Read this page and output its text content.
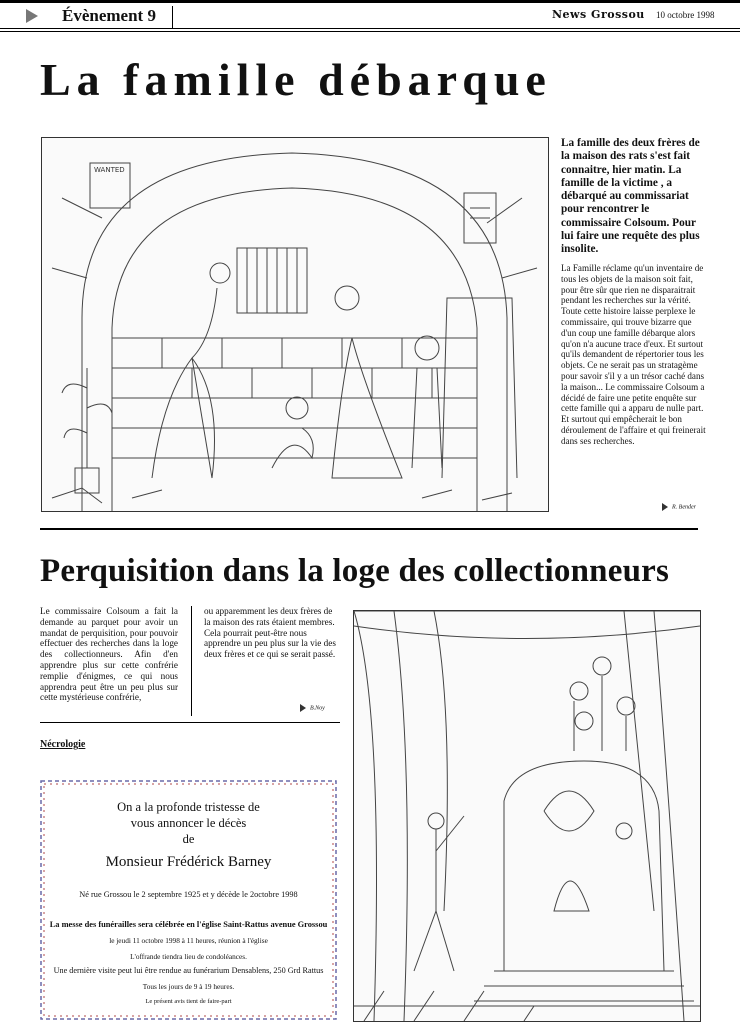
Évènement 9	News Grossou 10 octobre 1998
La famille débarque
WANTED
La famille des deux frères de la maison des rats s'est fait connaitre, hier matin. La famille de la victime , a débarqué au commissariat pour rencontrer le commissaire Colsoum. Pour lui faire une requête des plus insolite.
La Famille réclame qu'un inventaire de tous les objets de la maison soit fait, pour être sûr que rien ne disparaitrait pendant les recherches sur la vérité. Toute cette histoire laisse perplexe le commissaire, qui trouve bizarre que d'un coup une famille débarque alors qu'on n'a aucune trace d'eux. Et surtout qu'ils demandent de répertorier tous les objets. Ce ne serait pas un stratagème pour savoir s'il y a un trésor caché dans la maison... Le commissaire Colsoum a décidé de faire une petite enquête sur cette famille qui a apparu de nulle part. Et surtout qui empêcherait le bon déroulement de l'affaire et qui freinerait dans ses recherches.
R. Bender
Perquisition dans la loge des collectionneurs
Le commissaire Colsoum a fait la demande au parquet pour avoir un mandat de perquisition, pour pouvoir effectuer des recherches dans la loge des collectionneurs. Afin d'en apprendre plus sur cette confrérie remplie d'énigmes, ce qui nous apprendra peut être un peu plus sur cette mystérieuse confrérie,
ou apparemment les deux frères de la maison des rats étaient membres. Cela pourrait peut-être nous apprendre un peu plus sur la vie des deux frères et ce qui se serait passé.
B.Noy
Nécrologie
On a la profonde tristesse de
vous annoncer le décès
de
Monsieur Frédérick Barney
Né rue Grossou le 2 septembre 1925 et y décède le 2octobre 1998
La messe des funérailles sera célébrée en l'église Saint-Rattus avenue Grossou
le jeudi 11 octobre 1998 à 11 heures, réunion à l'église
L'offrande tiendra lieu de condoléances.
Une dernière visite peut lui être rendue au funérarium Densablens, 250 Grd Rattus
Tous les jours de 9 à 19 heures.
Le présent avis tient de faire-part
